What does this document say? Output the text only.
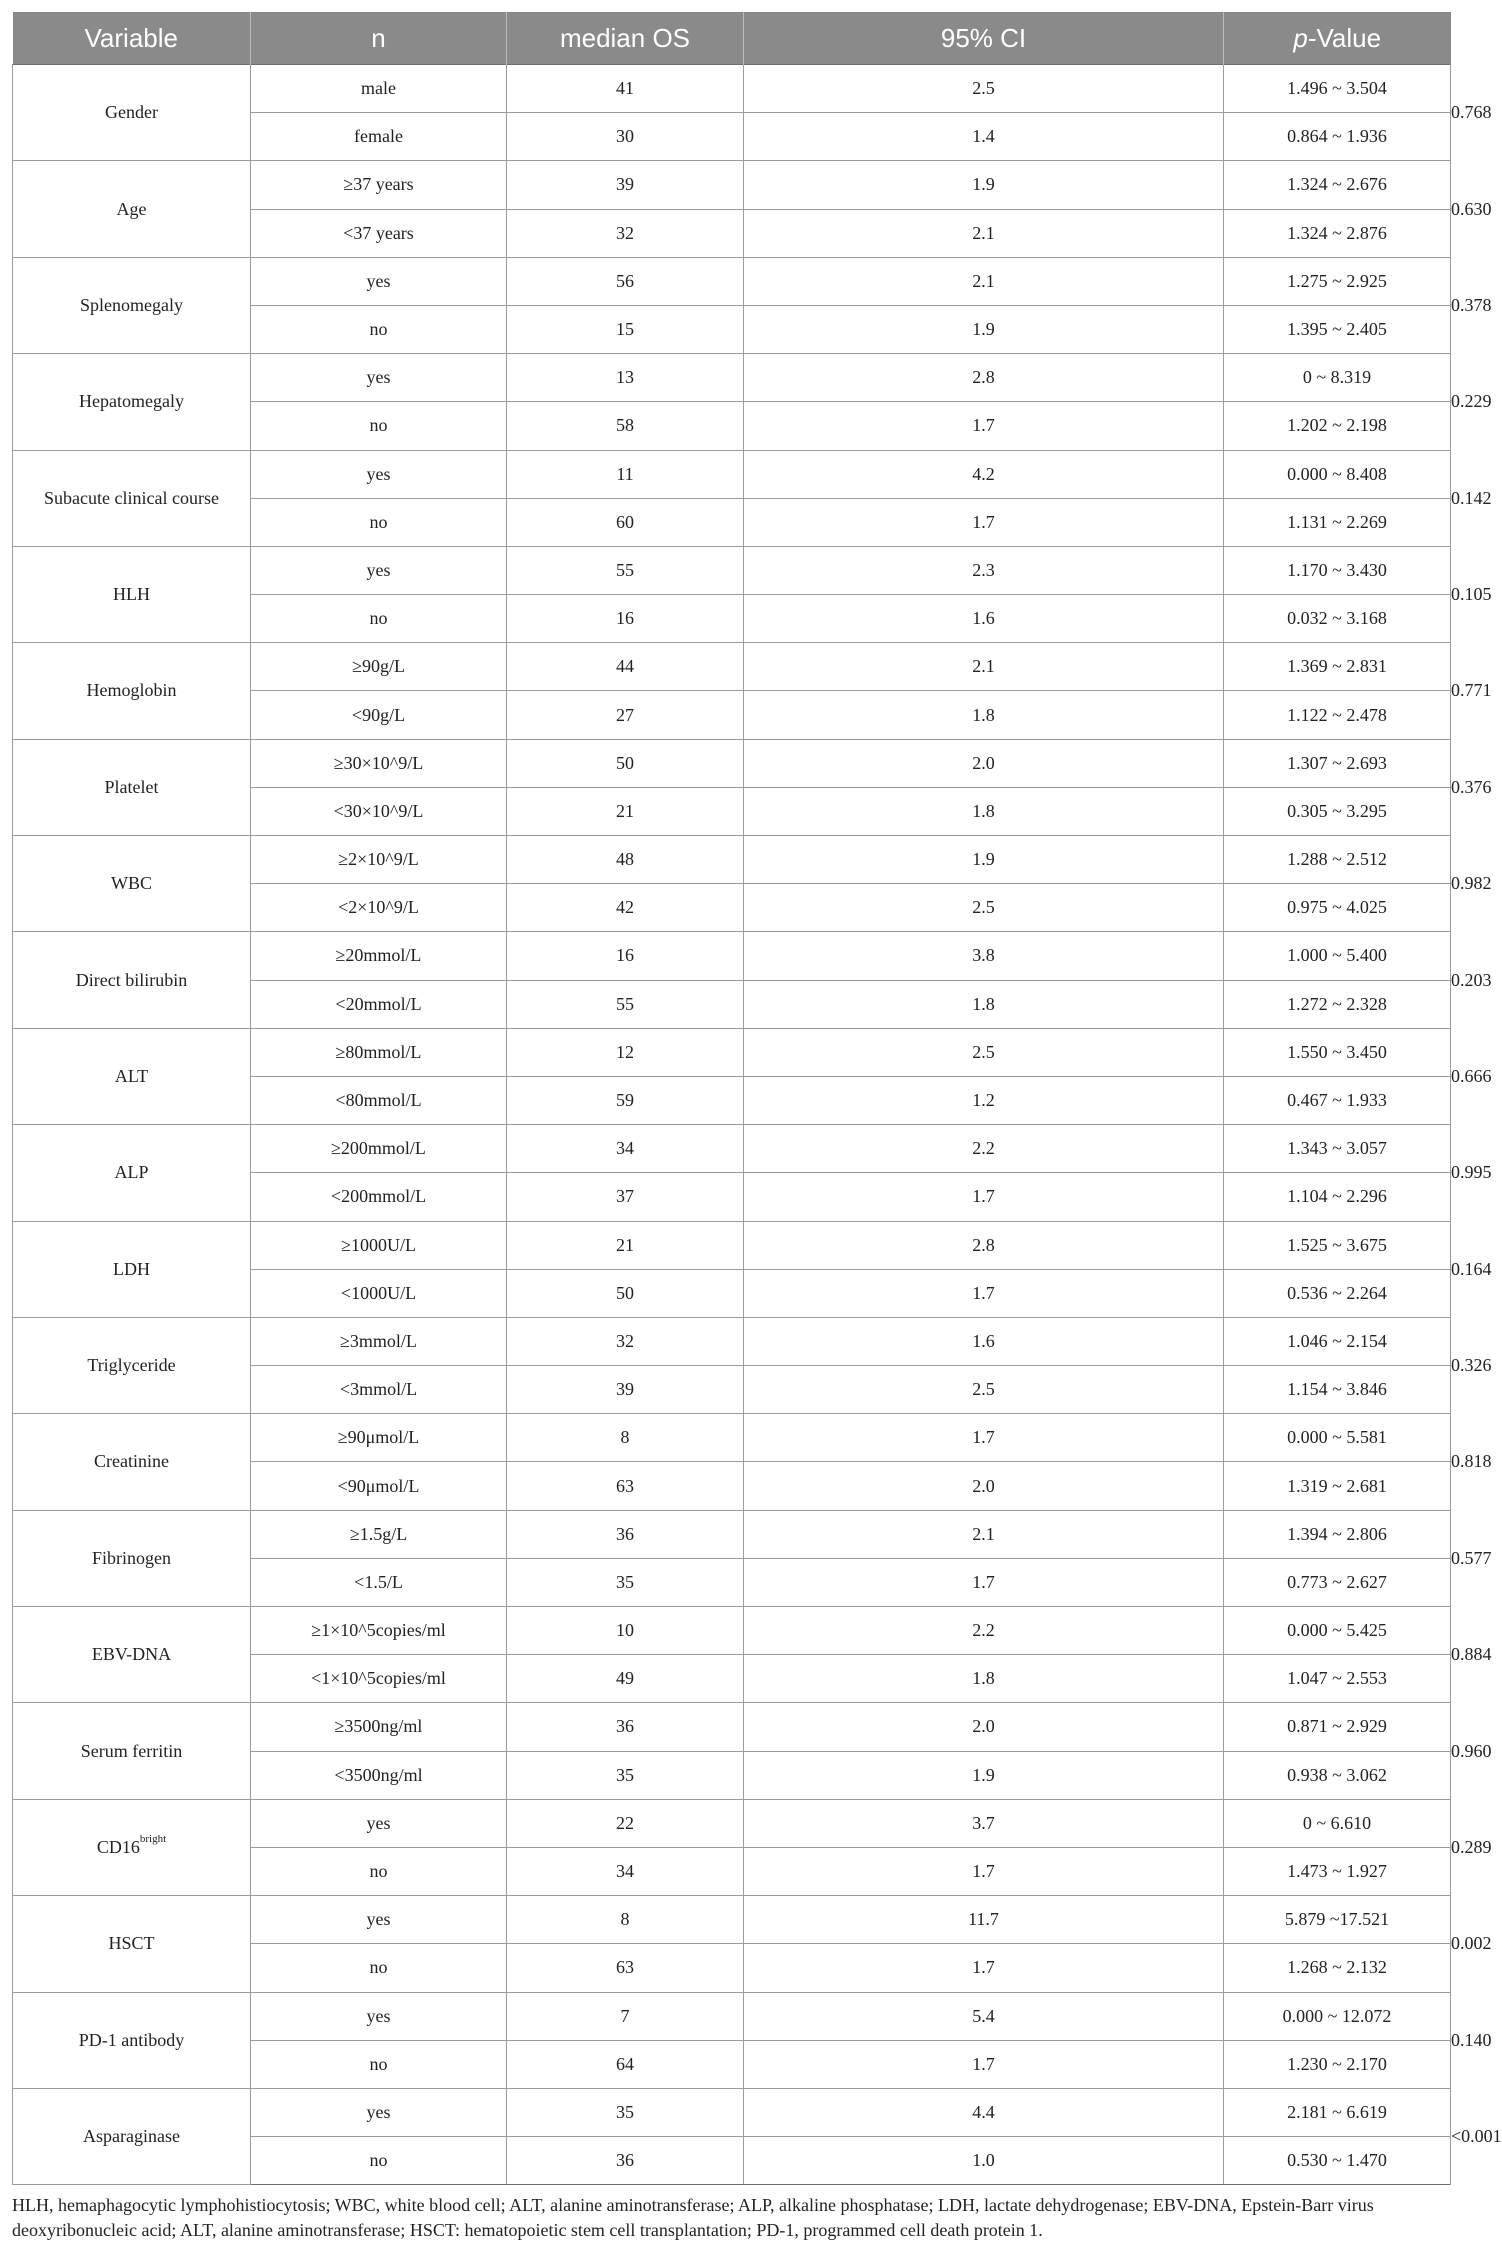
Variable	n	median OS	95% CI	p-Value	
Gender	male	41	2.5	1.496 ~ 3.504	0.768
	female	30	1.4	0.864 ~ 1.936	
Age	≥37 years	39	1.9	1.324 ~ 2.676	0.630
	<37 years	32	2.1	1.324 ~ 2.876	
Splenomegaly	yes	56	2.1	1.275 ~ 2.925	0.378
	no	15	1.9	1.395 ~ 2.405	
Hepatomegaly	yes	13	2.8	0 ~ 8.319	0.229
	no	58	1.7	1.202 ~ 2.198	
Subacute clinical course	yes	11	4.2	0.000 ~ 8.408	0.142
	no	60	1.7	1.131 ~ 2.269	
HLH	yes	55	2.3	1.170 ~ 3.430	0.105
	no	16	1.6	0.032 ~ 3.168	
Hemoglobin	≥90g/L	44	2.1	1.369 ~ 2.831	0.771
	<90g/L	27	1.8	1.122 ~ 2.478	
Platelet	≥30×10^9/L	50	2.0	1.307 ~ 2.693	0.376
	<30×10^9/L	21	1.8	0.305 ~ 3.295	
WBC	≥2×10^9/L	48	1.9	1.288 ~ 2.512	0.982
	<2×10^9/L	42	2.5	0.975 ~ 4.025	
Direct bilirubin	≥20mmol/L	16	3.8	1.000 ~ 5.400	0.203
	<20mmol/L	55	1.8	1.272 ~ 2.328	
ALT	≥80mmol/L	12	2.5	1.550 ~ 3.450	0.666
	<80mmol/L	59	1.2	0.467 ~ 1.933	
ALP	≥200mmol/L	34	2.2	1.343 ~ 3.057	0.995
	<200mmol/L	37	1.7	1.104 ~ 2.296	
LDH	≥1000U/L	21	2.8	1.525 ~ 3.675	0.164
	<1000U/L	50	1.7	0.536 ~ 2.264	
Triglyceride	≥3mmol/L	32	1.6	1.046 ~ 2.154	0.326
	<3mmol/L	39	2.5	1.154 ~ 3.846	
Creatinine	≥90μmol/L	8	1.7	0.000 ~ 5.581	0.818
	<90μmol/L	63	2.0	1.319 ~ 2.681	
Fibrinogen	≥1.5g/L	36	2.1	1.394 ~ 2.806	0.577
	<1.5/L	35	1.7	0.773 ~ 2.627	
EBV-DNA	≥1×10^5copies/ml	10	2.2	0.000 ~ 5.425	0.884
	<1×10^5copies/ml	49	1.8	1.047 ~ 2.553	
Serum ferritin	≥3500ng/ml	36	2.0	0.871 ~ 2.929	0.960
	<3500ng/ml	35	1.9	0.938 ~ 3.062	
$CD16^{bright}$	yes	22	3.7	0 ~ 6.610	0.289
	no	34	1.7	1.473 ~ 1.927	
HSCT	yes	8	11.7	5.879 ~17.521	0.002
	no	63	1.7	1.268 ~ 2.132	
PD-1 antibody	yes	7	5.4	0.000 ~ 12.072	0.140
	no	64	1.7	1.230 ~ 2.170	
Asparaginase	yes	35	4.4	2.181 ~ 6.619	<0.001
	no	36	1.0	0.530 ~ 1.470	
HLH, hemaphagocytic lymphohistiocytosis; WBC, white blood cell; ALT, alanine aminotransferase; ALP, alkaline phosphatase; LDH, lactate dehydrogenase; EBV-DNA, Epstein-Barr virus deoxyribonucleic acid; ALT, alanine aminotransferase; HSCT: hematopoietic stem cell transplantation; PD-1, programmed cell death protein 1.
